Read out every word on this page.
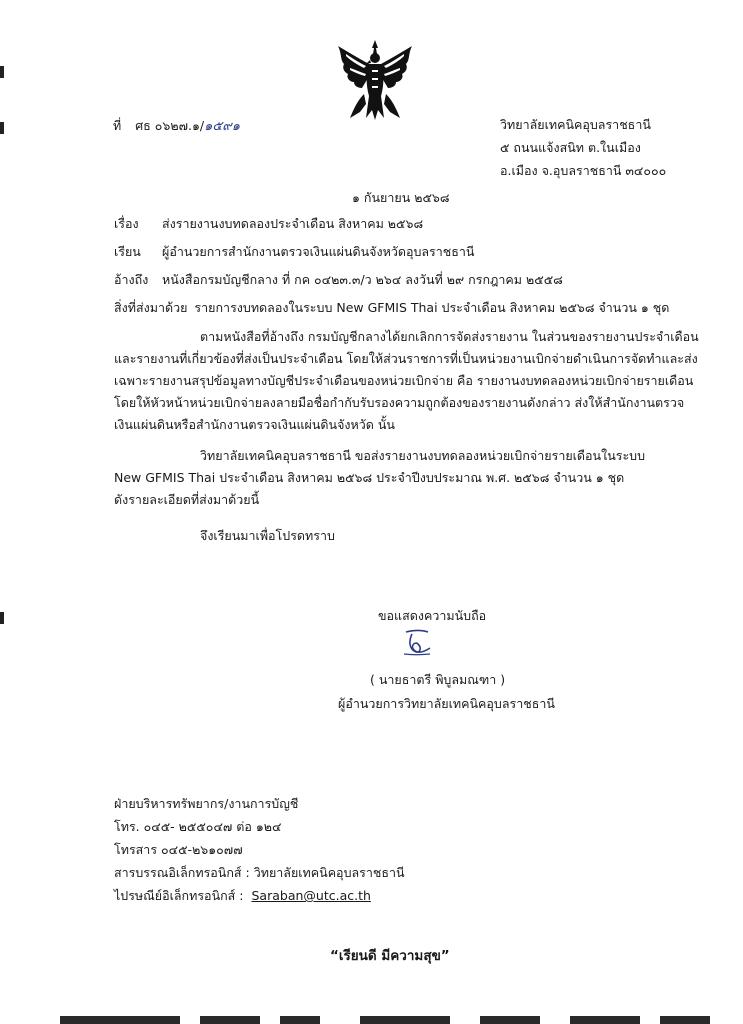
ที่ ศธ ๐๖๒๗.๑/๑๕๙๑	วิทยาลัยเทคนิคอุบลราชธานี
๕ ถนนแจ้งสนิท ต.ในเมือง
อ.เมือง จ.อุบลราชธานี ๓๔๐๐๐
๑ กันยายน ๒๕๖๘
เรื่อง ส่งรายงานงบทดลองประจำเดือน สิงหาคม ๒๕๖๘
เรียน ผู้อำนวยการสำนักงานตรวจเงินแผ่นดินจังหวัดอุบลราชธานี
อ้างถึง หนังสือกรมบัญชีกลาง ที่ กค ๐๔๒๓.๓/ว ๒๖๔ ลงวันที่ ๒๙ กรกฎาคม ๒๕๕๘
สิ่งที่ส่งมาด้วย รายการงบทดลองในระบบ New GFMIS Thai ประจำเดือน สิงหาคม ๒๕๖๘ จำนวน ๑ ชุด
ตามหนังสือที่อ้างถึง กรมบัญชีกลางได้ยกเลิกการจัดส่งรายงาน ในส่วนของรายงานประจำเดือน
และรายงานที่เกี่ยวข้องที่ส่งเป็นประจำเดือน โดยให้ส่วนราชการที่เป็นหน่วยงานเบิกจ่ายดำเนินการจัดทำและส่ง
เฉพาะรายงานสรุปข้อมูลทางบัญชีประจำเดือนของหน่วยเบิกจ่าย คือ รายงานงบทดลองหน่วยเบิกจ่ายรายเดือน
โดยให้หัวหน้าหน่วยเบิกจ่ายลงลายมือชื่อกำกับรับรองความถูกต้องของรายงานดังกล่าว ส่งให้สำนักงานตรวจ
เงินแผ่นดินหรือสำนักงานตรวจเงินแผ่นดินจังหวัด นั้น
วิทยาลัยเทคนิคอุบลราชธานี ขอส่งรายงานงบทดลองหน่วยเบิกจ่ายรายเดือนในระบบ
New GFMIS Thai ประจำเดือน สิงหาคม ๒๕๖๘ ประจำปีงบประมาณ พ.ศ. ๒๕๖๘ จำนวน ๑ ชุด
ดังรายละเอียดที่ส่งมาด้วยนี้
จึงเรียนมาเพื่อโปรดทราบ
ขอแสดงความนับถือ
( นายธาตรี พิบูลมณฑา )
ผู้อำนวยการวิทยาลัยเทคนิคอุบลราชธานี
ฝ่ายบริหารทรัพยากร/งานการบัญชี
โทร. ๐๔๕- ๒๕๕๐๔๗ ต่อ ๑๒๔
โทรสาร ๐๔๕-๒๖๑๐๗๗
สารบรรณอิเล็กทรอนิกส์ : วิทยาลัยเทคนิคอุบลราชธานี
ไปรษณีย์อิเล็กทรอนิกส์ : Saraban@utc.ac.th
“เรียนดี มีความสุข”
